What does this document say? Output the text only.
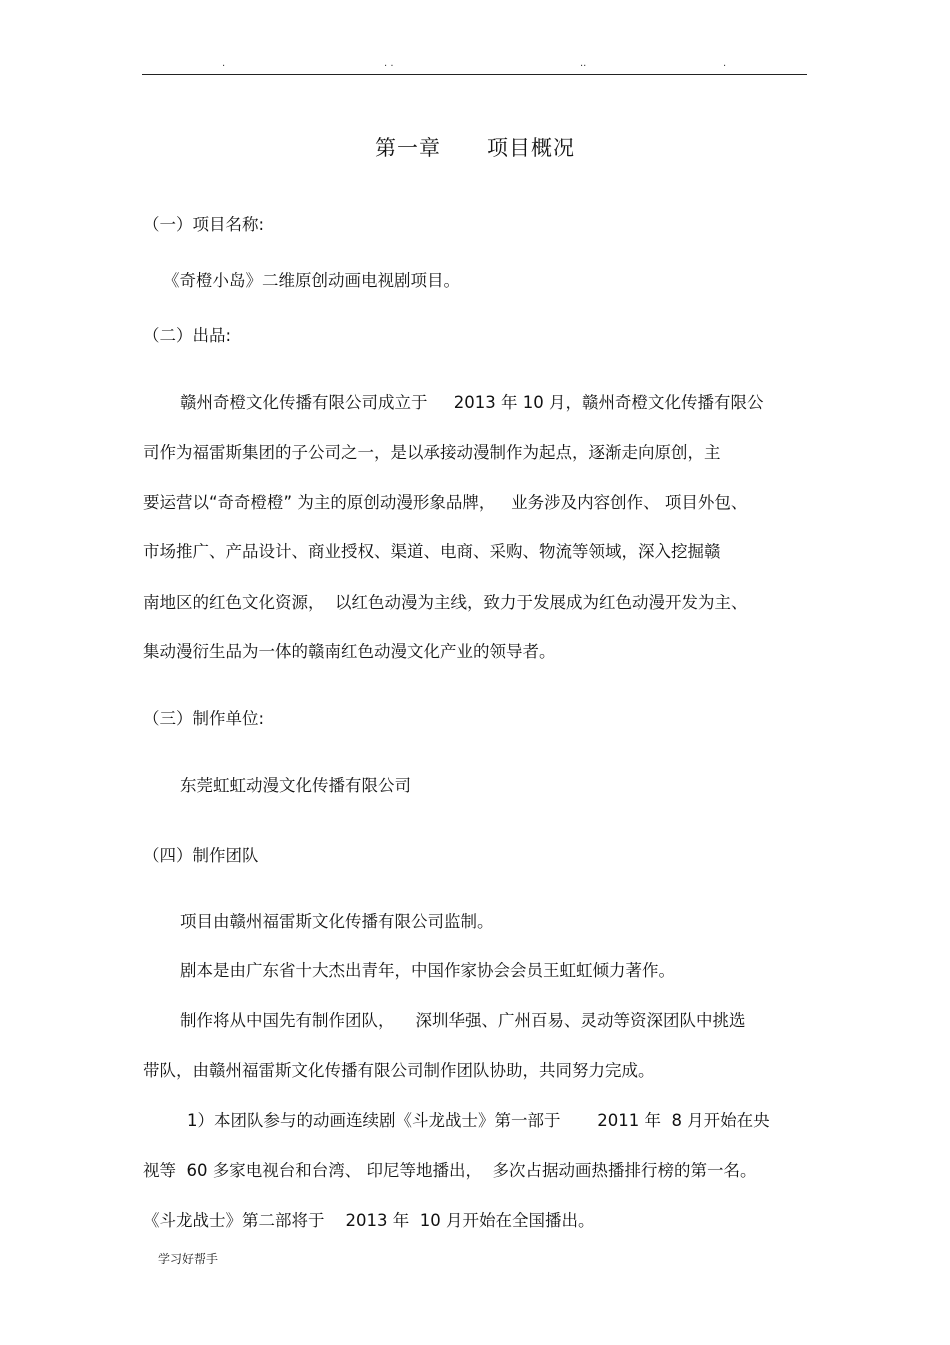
.	. .	..	.
第一章      项目概况
（一）项目名称:
《奇橙小岛》二维原创动画电视剧项目。
（二）出品:
赣州奇橙文化传播有限公司成立于     2013 年 10 月，赣州奇橙文化传播有限公
司作为福雷斯集团的子公司之一，是以承接动漫制作为起点，逐渐走向原创，主
要运营以“奇奇橙橙” 为主的原创动漫形象品牌，   业务涉及内容创作、 项目外包、
市场推广、产品设计、商业授权、渠道、电商、采购、物流等领域，深入挖掘赣
南地区的红色文化资源，  以红色动漫为主线，致力于发展成为红色动漫开发为主、
集动漫衍生品为一体的赣南红色动漫文化产业的领导者。
（三）制作单位:
东莞虹虹动漫文化传播有限公司
（四）制作团队
项目由赣州福雷斯文化传播有限公司监制。
剧本是由广东省十大杰出青年，中国作家协会会员王虹虹倾力著作。
制作将从中国先有制作团队，    深圳华强、广州百易、灵动等资深团队中挑选
带队，由赣州福雷斯文化传播有限公司制作团队协助，共同努力完成。
1）本团队参与的动画连续剧《斗龙战士》第一部于       2011 年  8 月开始在央
视等  60 多家电视台和台湾、 印尼等地播出，  多次占据动画热播排行榜的第一名。
《斗龙战士》第二部将于    2013 年  10 月开始在全国播出。
学习好帮手
